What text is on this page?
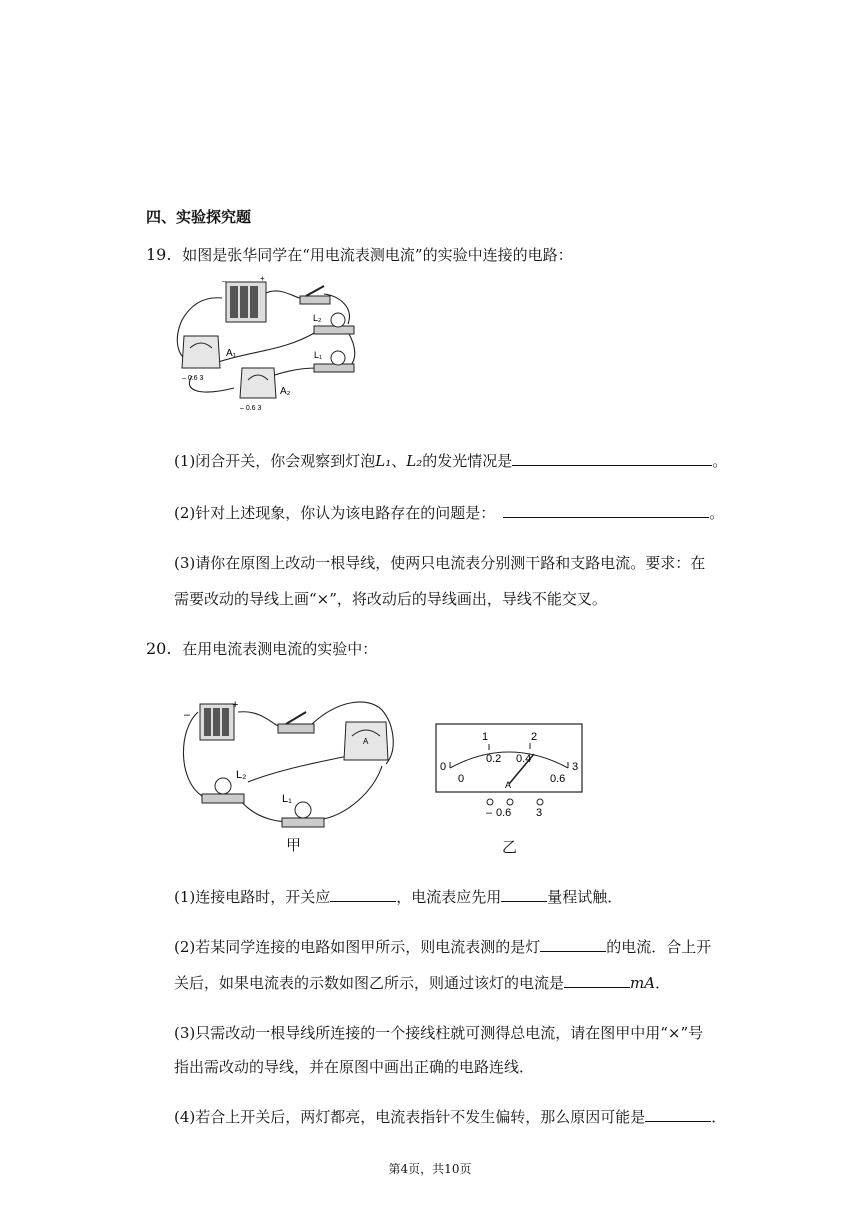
四、实验探究题
19. 如图是张华同学在“用电流表测电流”的实验中连接的电路：
–	+
L₂
L₁
A₁
– 0.6 3
A₂
– 0.6 3
(1)闭合开关，你会观察到灯泡L₁、L₂的发光情况是	。
(2)针对上述现象，你认为该电路存在的问题是：	。
(3)请你在原图上改动一根导线，使两只电流表分别测干路和支路电流。要求：在
需要改动的导线上画“×”，将改动后的导线画出，导线不能交叉。
20. 在用电流表测电流的实验中：
–
+
A
L₂
L₁
甲
0
1	2
3
0
0.2 0.4
0.6
A
– 0.6 3
乙
(1)连接电路时，开关应	，电流表应先用	量程试触．
(2)若某同学连接的电路如图甲所示，则电流表测的是灯	的电流．合上开
关后，如果电流表的示数如图乙所示，则通过该灯的电流是	mA．
(3)只需改动一根导线所连接的一个接线柱就可测得总电流，请在图甲中用“×”号
指出需改动的导线，并在原图中画出正确的电路连线．
(4)若合上开关后，两灯都亮，电流表指针不发生偏转，那么原因可能是	．
第4页，共10页
